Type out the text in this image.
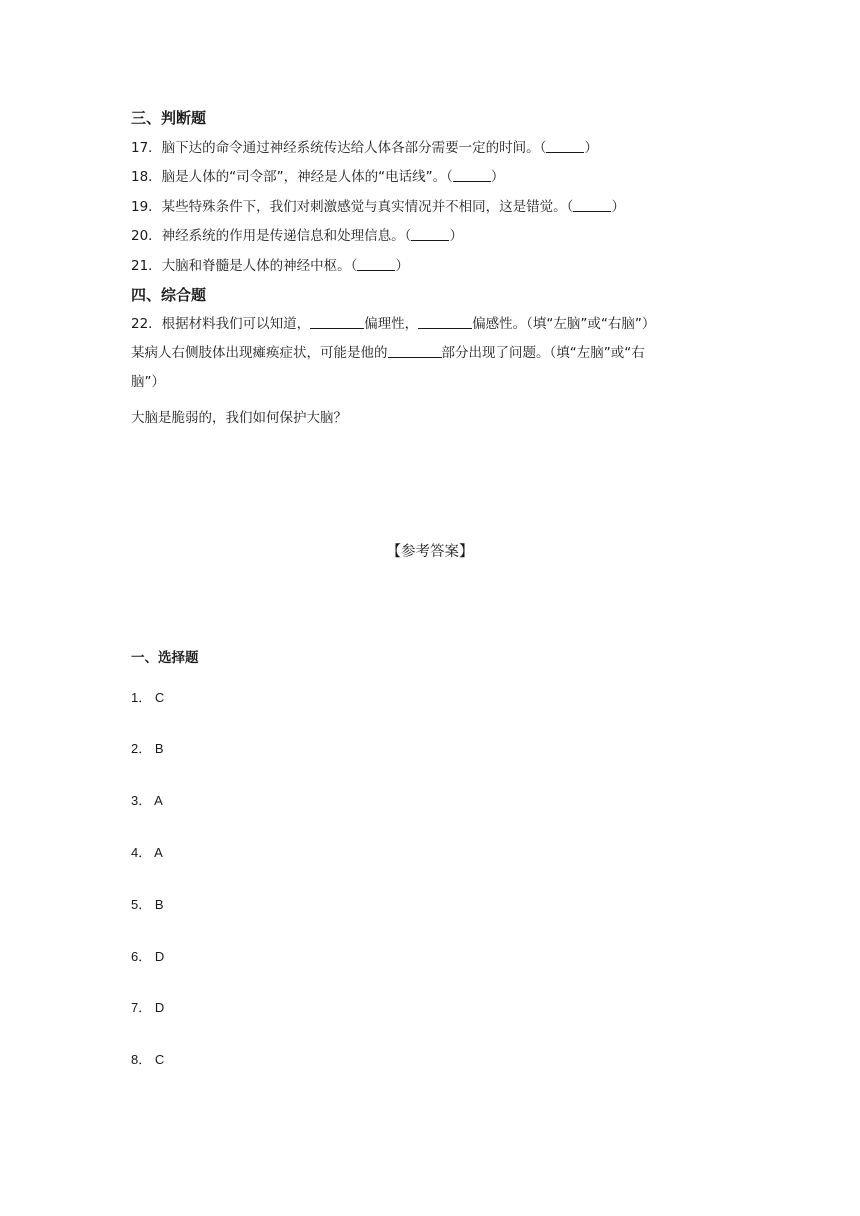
三、判断题
17．脑下达的命令通过神经系统传达给人体各部分需要一定的时间。（	）
18．脑是人体的“司令部”，神经是人体的“电话线”。（	）
19．某些特殊条件下，我们对刺激感觉与真实情况并不相同，这是错觉。（	）
20．神经系统的作用是传递信息和处理信息。（	）
21．大脑和脊髓是人体的神经中枢。（	）
四、综合题
22．根据材料我们可以知道，	偏理性，	偏感性。（填“左脑”或“右脑”）
某病人右侧肢体出现瘫痪症状，可能是他的	部分出现了问题。（填“左脑”或“右
脑”）
大脑是脆弱的，我们如何保护大脑？
【参考答案】
一、选择题
1． C
2． B
3． A
4． A
5． B
6． D
7． D
8． C
